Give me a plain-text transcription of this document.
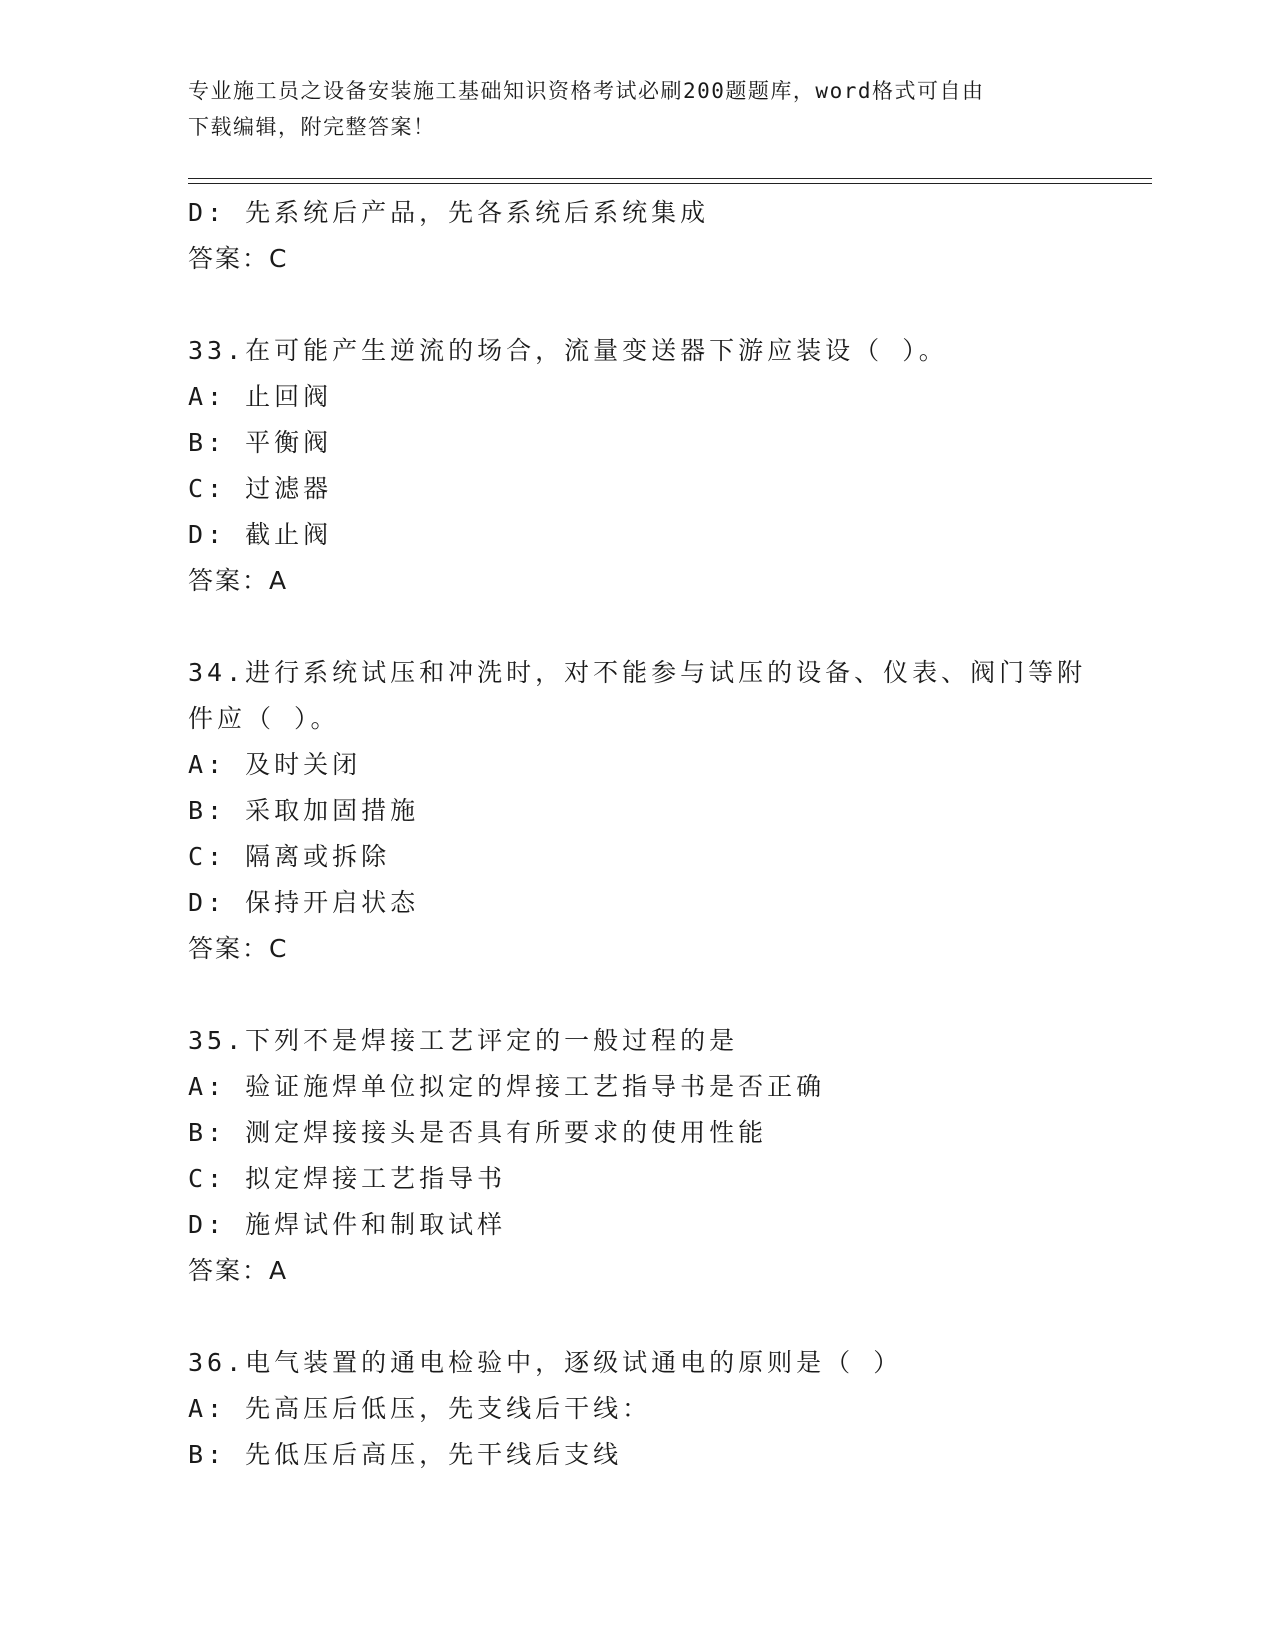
专业施工员之设备安装施工基础知识资格考试必刷200题题库，word格式可自由
下载编辑，附完整答案！
D: 先系统后产品，先各系统后系统集成
答案：C
33.在可能产生逆流的场合，流量变送器下游应装设（ ）。
A: 止回阀
B: 平衡阀
C: 过滤器
D: 截止阀
答案：A
34.进行系统试压和冲洗时，对不能参与试压的设备、仪表、阀门等附
件应（ ）。
A: 及时关闭
B: 采取加固措施
C: 隔离或拆除
D: 保持开启状态
答案：C
35.下列不是焊接工艺评定的一般过程的是
A: 验证施焊单位拟定的焊接工艺指导书是否正确
B: 测定焊接接头是否具有所要求的使用性能
C: 拟定焊接工艺指导书
D: 施焊试件和制取试样
答案：A
36.电气装置的通电检验中，逐级试通电的原则是（ ）
A: 先高压后低压，先支线后干线：
B: 先低压后高压，先干线后支线
